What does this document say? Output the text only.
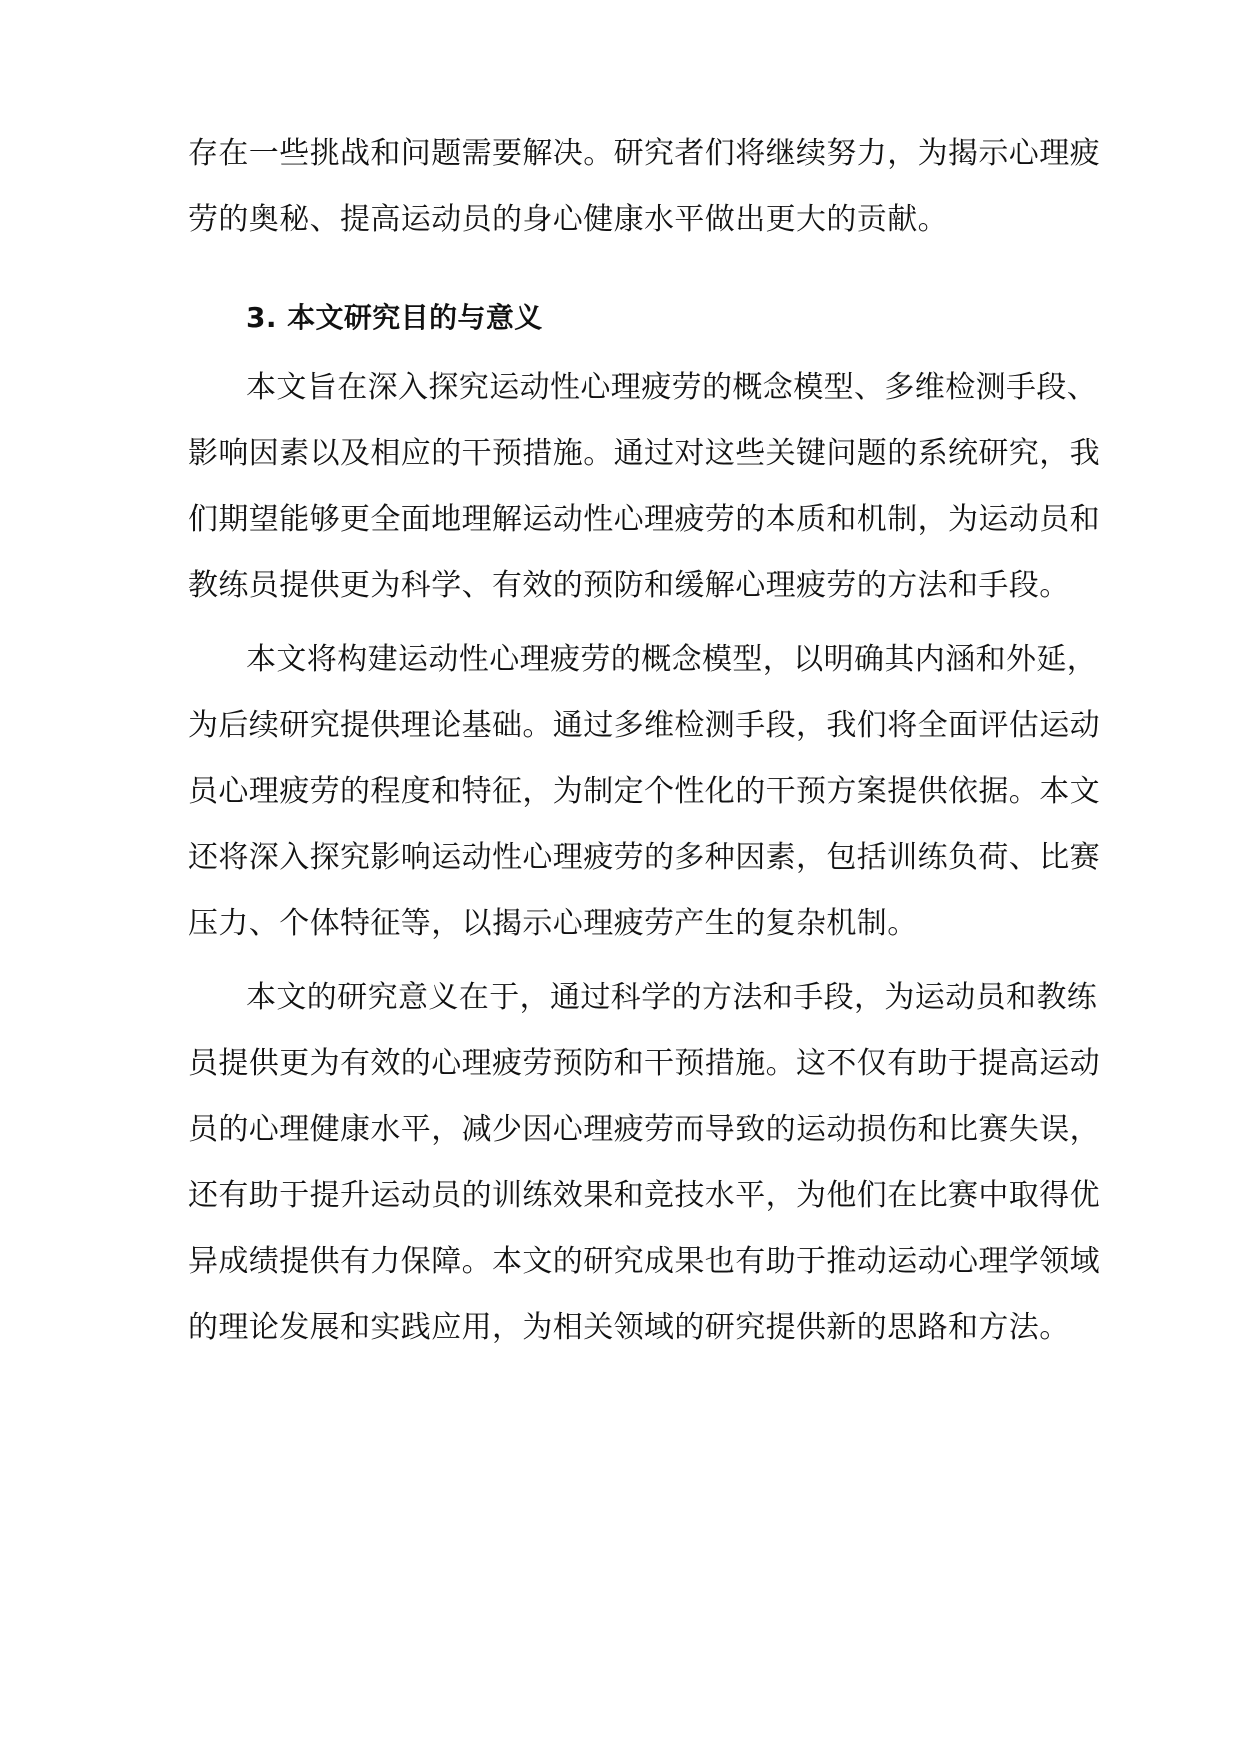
存在一些挑战和问题需要解决。研究者们将继续努力，为揭示心理疲

劳的奥秘、提高运动员的身心健康水平做出更大的贡献。

3. 本文研究目的与意义

本文旨在深入探究运动性心理疲劳的概念模型、多维检测手段、

影响因素以及相应的干预措施。通过对这些关键问题的系统研究，我

们期望能够更全面地理解运动性心理疲劳的本质和机制，为运动员和

教练员提供更为科学、有效的预防和缓解心理疲劳的方法和手段。

本文将构建运动性心理疲劳的概念模型，以明确其内涵和外延，

为后续研究提供理论基础。通过多维检测手段，我们将全面评估运动

员心理疲劳的程度和特征，为制定个性化的干预方案提供依据。本文

还将深入探究影响运动性心理疲劳的多种因素，包括训练负荷、比赛

压力、个体特征等，以揭示心理疲劳产生的复杂机制。

本文的研究意义在于，通过科学的方法和手段，为运动员和教练

员提供更为有效的心理疲劳预防和干预措施。这不仅有助于提高运动

员的心理健康水平，减少因心理疲劳而导致的运动损伤和比赛失误，

还有助于提升运动员的训练效果和竞技水平，为他们在比赛中取得优

异成绩提供有力保障。本文的研究成果也有助于推动运动心理学领域

的理论发展和实践应用，为相关领域的研究提供新的思路和方法。
